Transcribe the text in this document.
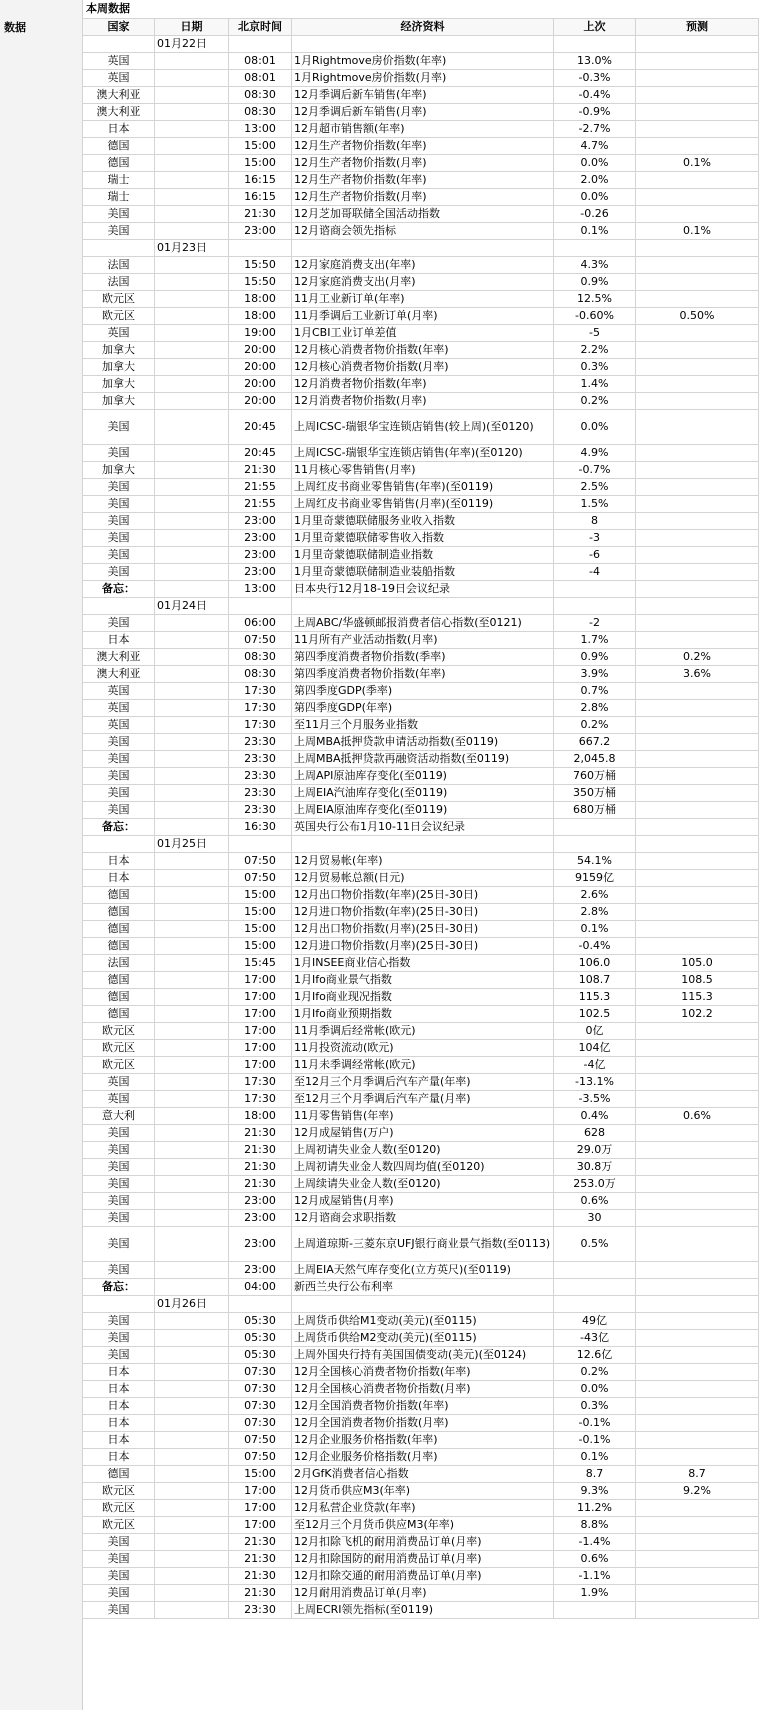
数据
本周数据
国家	日期	北京时间	经济资料	上次	预测
	01月22日				
英国		08:01	1月Rightmove房价指数(年率)	13.0%	
英国		08:01	1月Rightmove房价指数(月率)	-0.3%	
澳大利亚		08:30	12月季调后新车销售(年率)	-0.4%	
澳大利亚		08:30	12月季调后新车销售(月率)	-0.9%	
日本		13:00	12月超市销售额(年率)	-2.7%	
德国		15:00	12月生产者物价指数(年率)	4.7%	
德国		15:00	12月生产者物价指数(月率)	0.0%	0.1%
瑞士		16:15	12月生产者物价指数(年率)	2.0%	
瑞士		16:15	12月生产者物价指数(月率)	0.0%	
美国		21:30	12月芝加哥联储全国活动指数	-0.26	
美国		23:00	12月谘商会领先指标	0.1%	0.1%
	01月23日				
法国		15:50	12月家庭消费支出(年率)	4.3%	
法国		15:50	12月家庭消费支出(月率)	0.9%	
欧元区		18:00	11月工业新订单(年率)	12.5%	
欧元区		18:00	11月季调后工业新订单(月率)	-0.60%	0.50%
英国		19:00	1月CBI工业订单差值	-5	
加拿大		20:00	12月核心消费者物价指数(年率)	2.2%	
加拿大		20:00	12月核心消费者物价指数(月率)	0.3%	
加拿大		20:00	12月消费者物价指数(年率)	1.4%	
加拿大		20:00	12月消费者物价指数(月率)	0.2%	
美国		20:45	上周ICSC-瑞银华宝连锁店销售(较上周)(至0120)	0.0%	
美国		20:45	上周ICSC-瑞银华宝连锁店销售(年率)(至0120)	4.9%	
加拿大		21:30	11月核心零售销售(月率)	-0.7%	
美国		21:55	上周红皮书商业零售销售(年率)(至0119)	2.5%	
美国		21:55	上周红皮书商业零售销售(月率)(至0119)	1.5%	
美国		23:00	1月里奇蒙德联储服务业收入指数	8	
美国		23:00	1月里奇蒙德联储零售收入指数	-3	
美国		23:00	1月里奇蒙德联储制造业指数	-6	
美国		23:00	1月里奇蒙德联储制造业装船指数	-4	
备忘：		13:00	日本央行12月18-19日会议纪录		
	01月24日				
美国		06:00	上周ABC/华盛顿邮报消费者信心指数(至0121)	-2	
日本		07:50	11月所有产业活动指数(月率)	1.7%	
澳大利亚		08:30	第四季度消费者物价指数(季率)	0.9%	0.2%
澳大利亚		08:30	第四季度消费者物价指数(年率)	3.9%	3.6%
英国		17:30	第四季度GDP(季率)	0.7%	
英国		17:30	第四季度GDP(年率)	2.8%	
英国		17:30	至11月三个月服务业指数	0.2%	
美国		23:30	上周MBA抵押贷款申请活动指数(至0119)	667.2	
美国		23:30	上周MBA抵押贷款再融资活动指数(至0119)	2,045.8	
美国		23:30	上周API原油库存变化(至0119)	760万桶	
美国		23:30	上周EIA汽油库存变化(至0119)	350万桶	
美国		23:30	上周EIA原油库存变化(至0119)	680万桶	
备忘：		16:30	英国央行公布1月10-11日会议纪录		
	01月25日				
日本		07:50	12月贸易帐(年率)	54.1%	
日本		07:50	12月贸易帐总额(日元)	9159亿	
德国		15:00	12月出口物价指数(年率)(25日-30日)	2.6%	
德国		15:00	12月进口物价指数(年率)(25日-30日)	2.8%	
德国		15:00	12月出口物价指数(月率)(25日-30日)	0.1%	
德国		15:00	12月进口物价指数(月率)(25日-30日)	-0.4%	
法国		15:45	1月INSEE商业信心指数	106.0	105.0
德国		17:00	1月Ifo商业景气指数	108.7	108.5
德国		17:00	1月Ifo商业现况指数	115.3	115.3
德国		17:00	1月Ifo商业预期指数	102.5	102.2
欧元区		17:00	11月季调后经常帐(欧元)	0亿	
欧元区		17:00	11月投资流动(欧元)	104亿	
欧元区		17:00	11月未季调经常帐(欧元)	-4亿	
英国		17:30	至12月三个月季调后汽车产量(年率)	-13.1%	
英国		17:30	至12月三个月季调后汽车产量(月率)	-3.5%	
意大利		18:00	11月零售销售(年率)	0.4%	0.6%
美国		21:30	12月成屋销售(万户)	628	
美国		21:30	上周初请失业金人数(至0120)	29.0万	
美国		21:30	上周初请失业金人数四周均值(至0120)	30.8万	
美国		21:30	上周续请失业金人数(至0120)	253.0万	
美国		23:00	12月成屋销售(月率)	0.6%	
美国		23:00	12月谘商会求职指数	30	
美国		23:00	上周道琼斯-三菱东京UFJ银行商业景气指数(至0113)	0.5%	
美国		23:00	上周EIA天然气库存变化(立方英尺)(至0119)		
备忘：		04:00	新西兰央行公布利率		
	01月26日				
美国		05:30	上周货币供给M1变动(美元)(至0115)	49亿	
美国		05:30	上周货币供给M2变动(美元)(至0115)	-43亿	
美国		05:30	上周外国央行持有美国国债变动(美元)(至0124)	12.6亿	
日本		07:30	12月全国核心消费者物价指数(年率)	0.2%	
日本		07:30	12月全国核心消费者物价指数(月率)	0.0%	
日本		07:30	12月全国消费者物价指数(年率)	0.3%	
日本		07:30	12月全国消费者物价指数(月率)	-0.1%	
日本		07:50	12月企业服务价格指数(年率)	-0.1%	
日本		07:50	12月企业服务价格指数(月率)	0.1%	
德国		15:00	2月GfK消费者信心指数	8.7	8.7
欧元区		17:00	12月货币供应M3(年率)	9.3%	9.2%
欧元区		17:00	12月私营企业贷款(年率)	11.2%	
欧元区		17:00	至12月三个月货币供应M3(年率)	8.8%	
美国		21:30	12月扣除飞机的耐用消费品订单(月率)	-1.4%	
美国		21:30	12月扣除国防的耐用消费品订单(月率)	0.6%	
美国		21:30	12月扣除交通的耐用消费品订单(月率)	-1.1%	
美国		21:30	12月耐用消费品订单(月率)	1.9%	
美国		23:30	上周ECRI领先指标(至0119)		
